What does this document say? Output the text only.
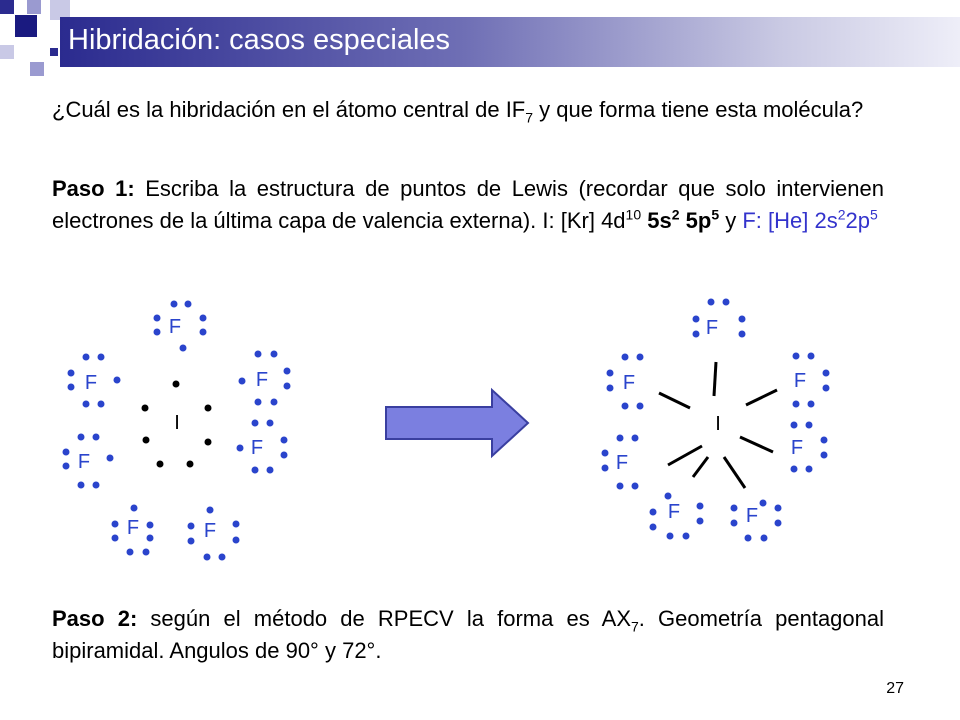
Hibridación: casos especiales
¿Cuál es la hibridación en el átomo central de $IF_7$ y que forma tiene esta molécula?
Paso 1: Escriba la estructura de puntos de Lewis (recordar que solo intervienen electrones de la última capa de valencia externa). I: [Kr] $4d^{10}$ $5s^2$ $5p^5$ y F: [He] $2s^22p^5$
I
F
F	F
F
F
F	F
I
F
F	F
F
F
F	F
Paso 2: según el método de RPECV la forma es $AX_7$. Geometría pentagonal bipiramidal. Angulos de 90° y 72°.
27
